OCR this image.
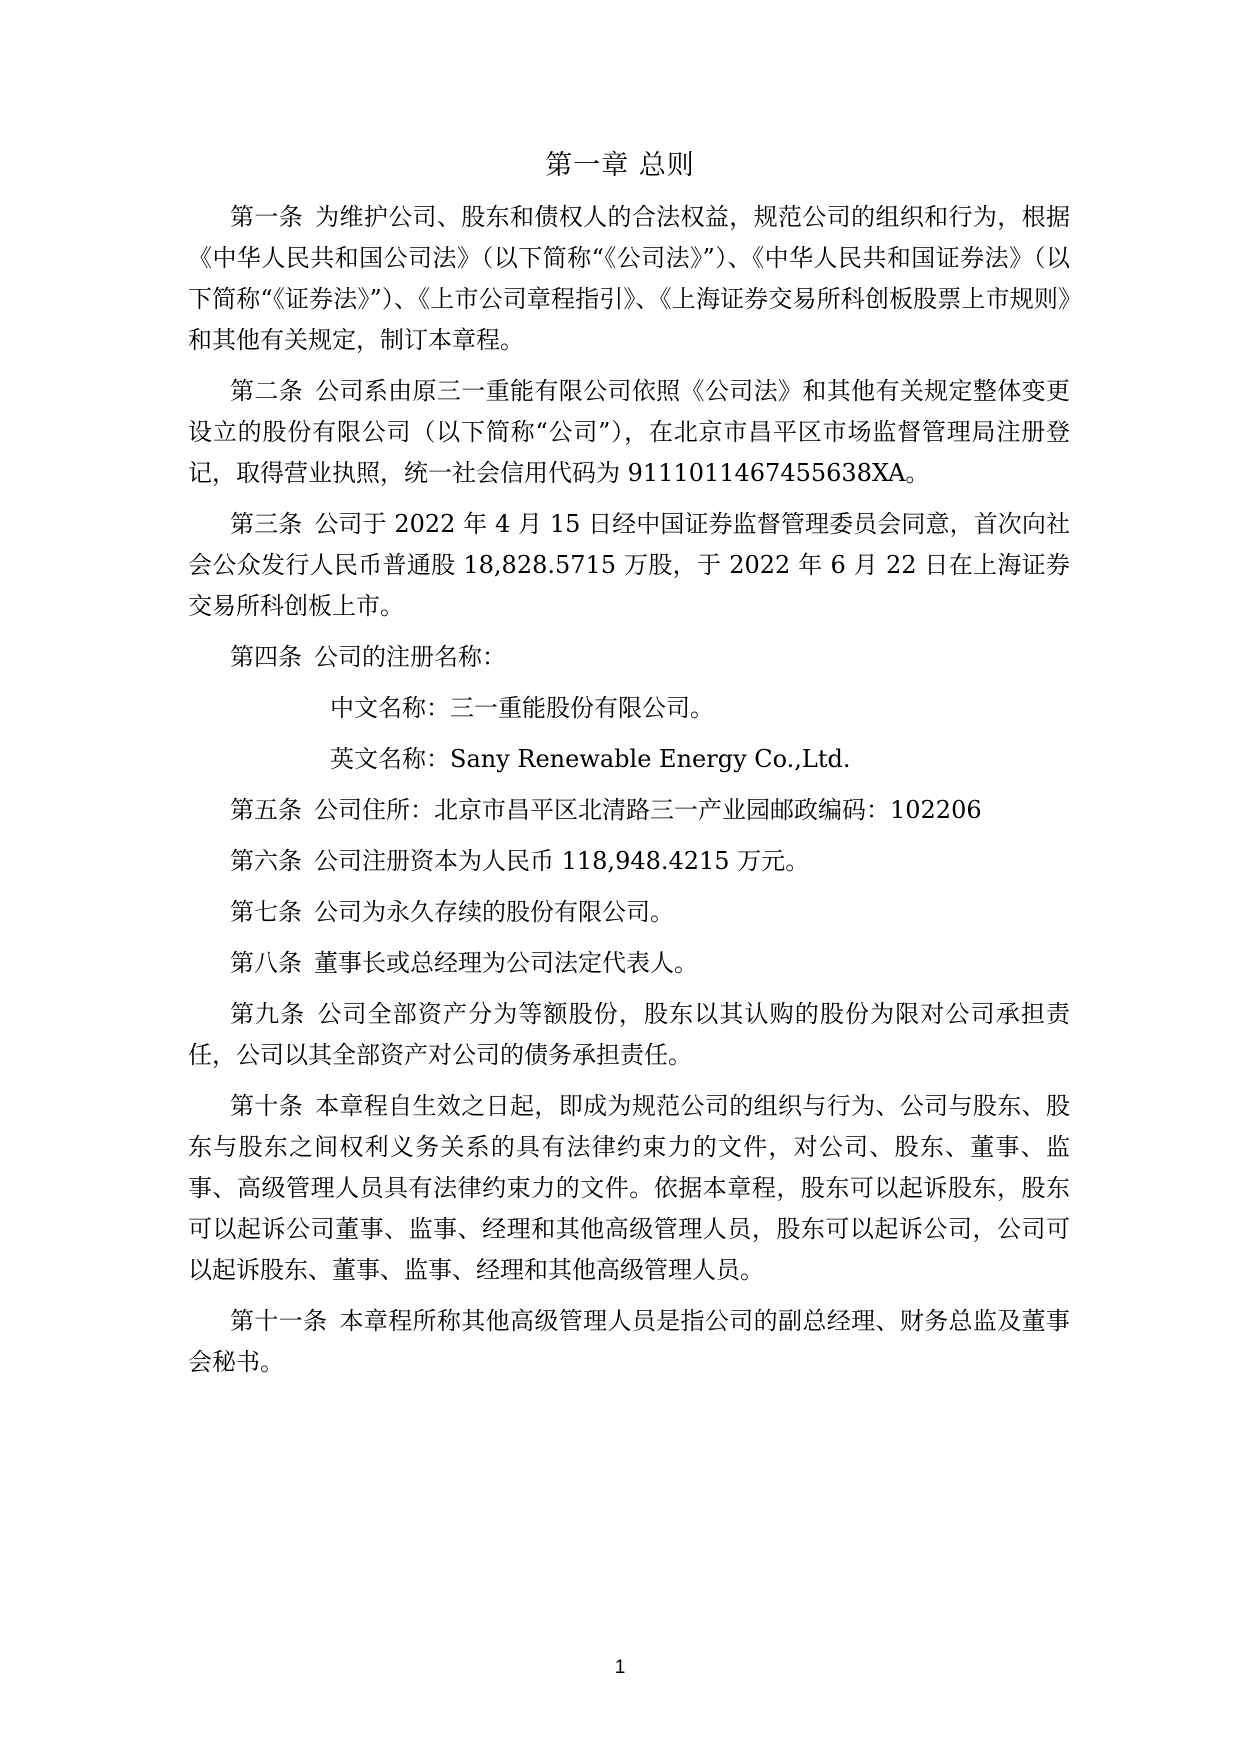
第一章 总则

第一条 为维护公司、股东和债权人的合法权益，规范公司的组织和行为，根据《中华人民共和国公司法》（以下简称“《公司法》”）、《中华人民共和国证券法》（以下简称“《证券法》”）、《上市公司章程指引》、《上海证券交易所科创板股票上市规则》和其他有关规定，制订本章程。

第二条 公司系由原三一重能有限公司依照《公司法》和其他有关规定整体变更设立的股份有限公司（以下简称“公司”），在北京市昌平区市场监督管理局注册登记，取得营业执照，统一社会信用代码为 9111011467455638XA。

第三条 公司于 2022 年 4 月 15 日经中国证券监督管理委员会同意，首次向社会公众发行人民币普通股 18,828.5715 万股，于 2022 年 6 月 22 日在上海证券交易所科创板上市。

第四条 公司的注册名称：

中文名称：三一重能股份有限公司。

英文名称：Sany Renewable Energy Co.,Ltd.

第五条 公司住所：北京市昌平区北清路三一产业园邮政编码：102206

第六条 公司注册资本为人民币 118,948.4215 万元。

第七条 公司为永久存续的股份有限公司。

第八条 董事长或总经理为公司法定代表人。

第九条 公司全部资产分为等额股份，股东以其认购的股份为限对公司承担责任，公司以其全部资产对公司的债务承担责任。

第十条 本章程自生效之日起，即成为规范公司的组织与行为、公司与股东、股东与股东之间权利义务关系的具有法律约束力的文件，对公司、股东、董事、监事、高级管理人员具有法律约束力的文件。依据本章程，股东可以起诉股东，股东可以起诉公司董事、监事、经理和其他高级管理人员，股东可以起诉公司，公司可以起诉股东、董事、监事、经理和其他高级管理人员。

第十一条 本章程所称其他高级管理人员是指公司的副总经理、财务总监及董事会秘书。

1
